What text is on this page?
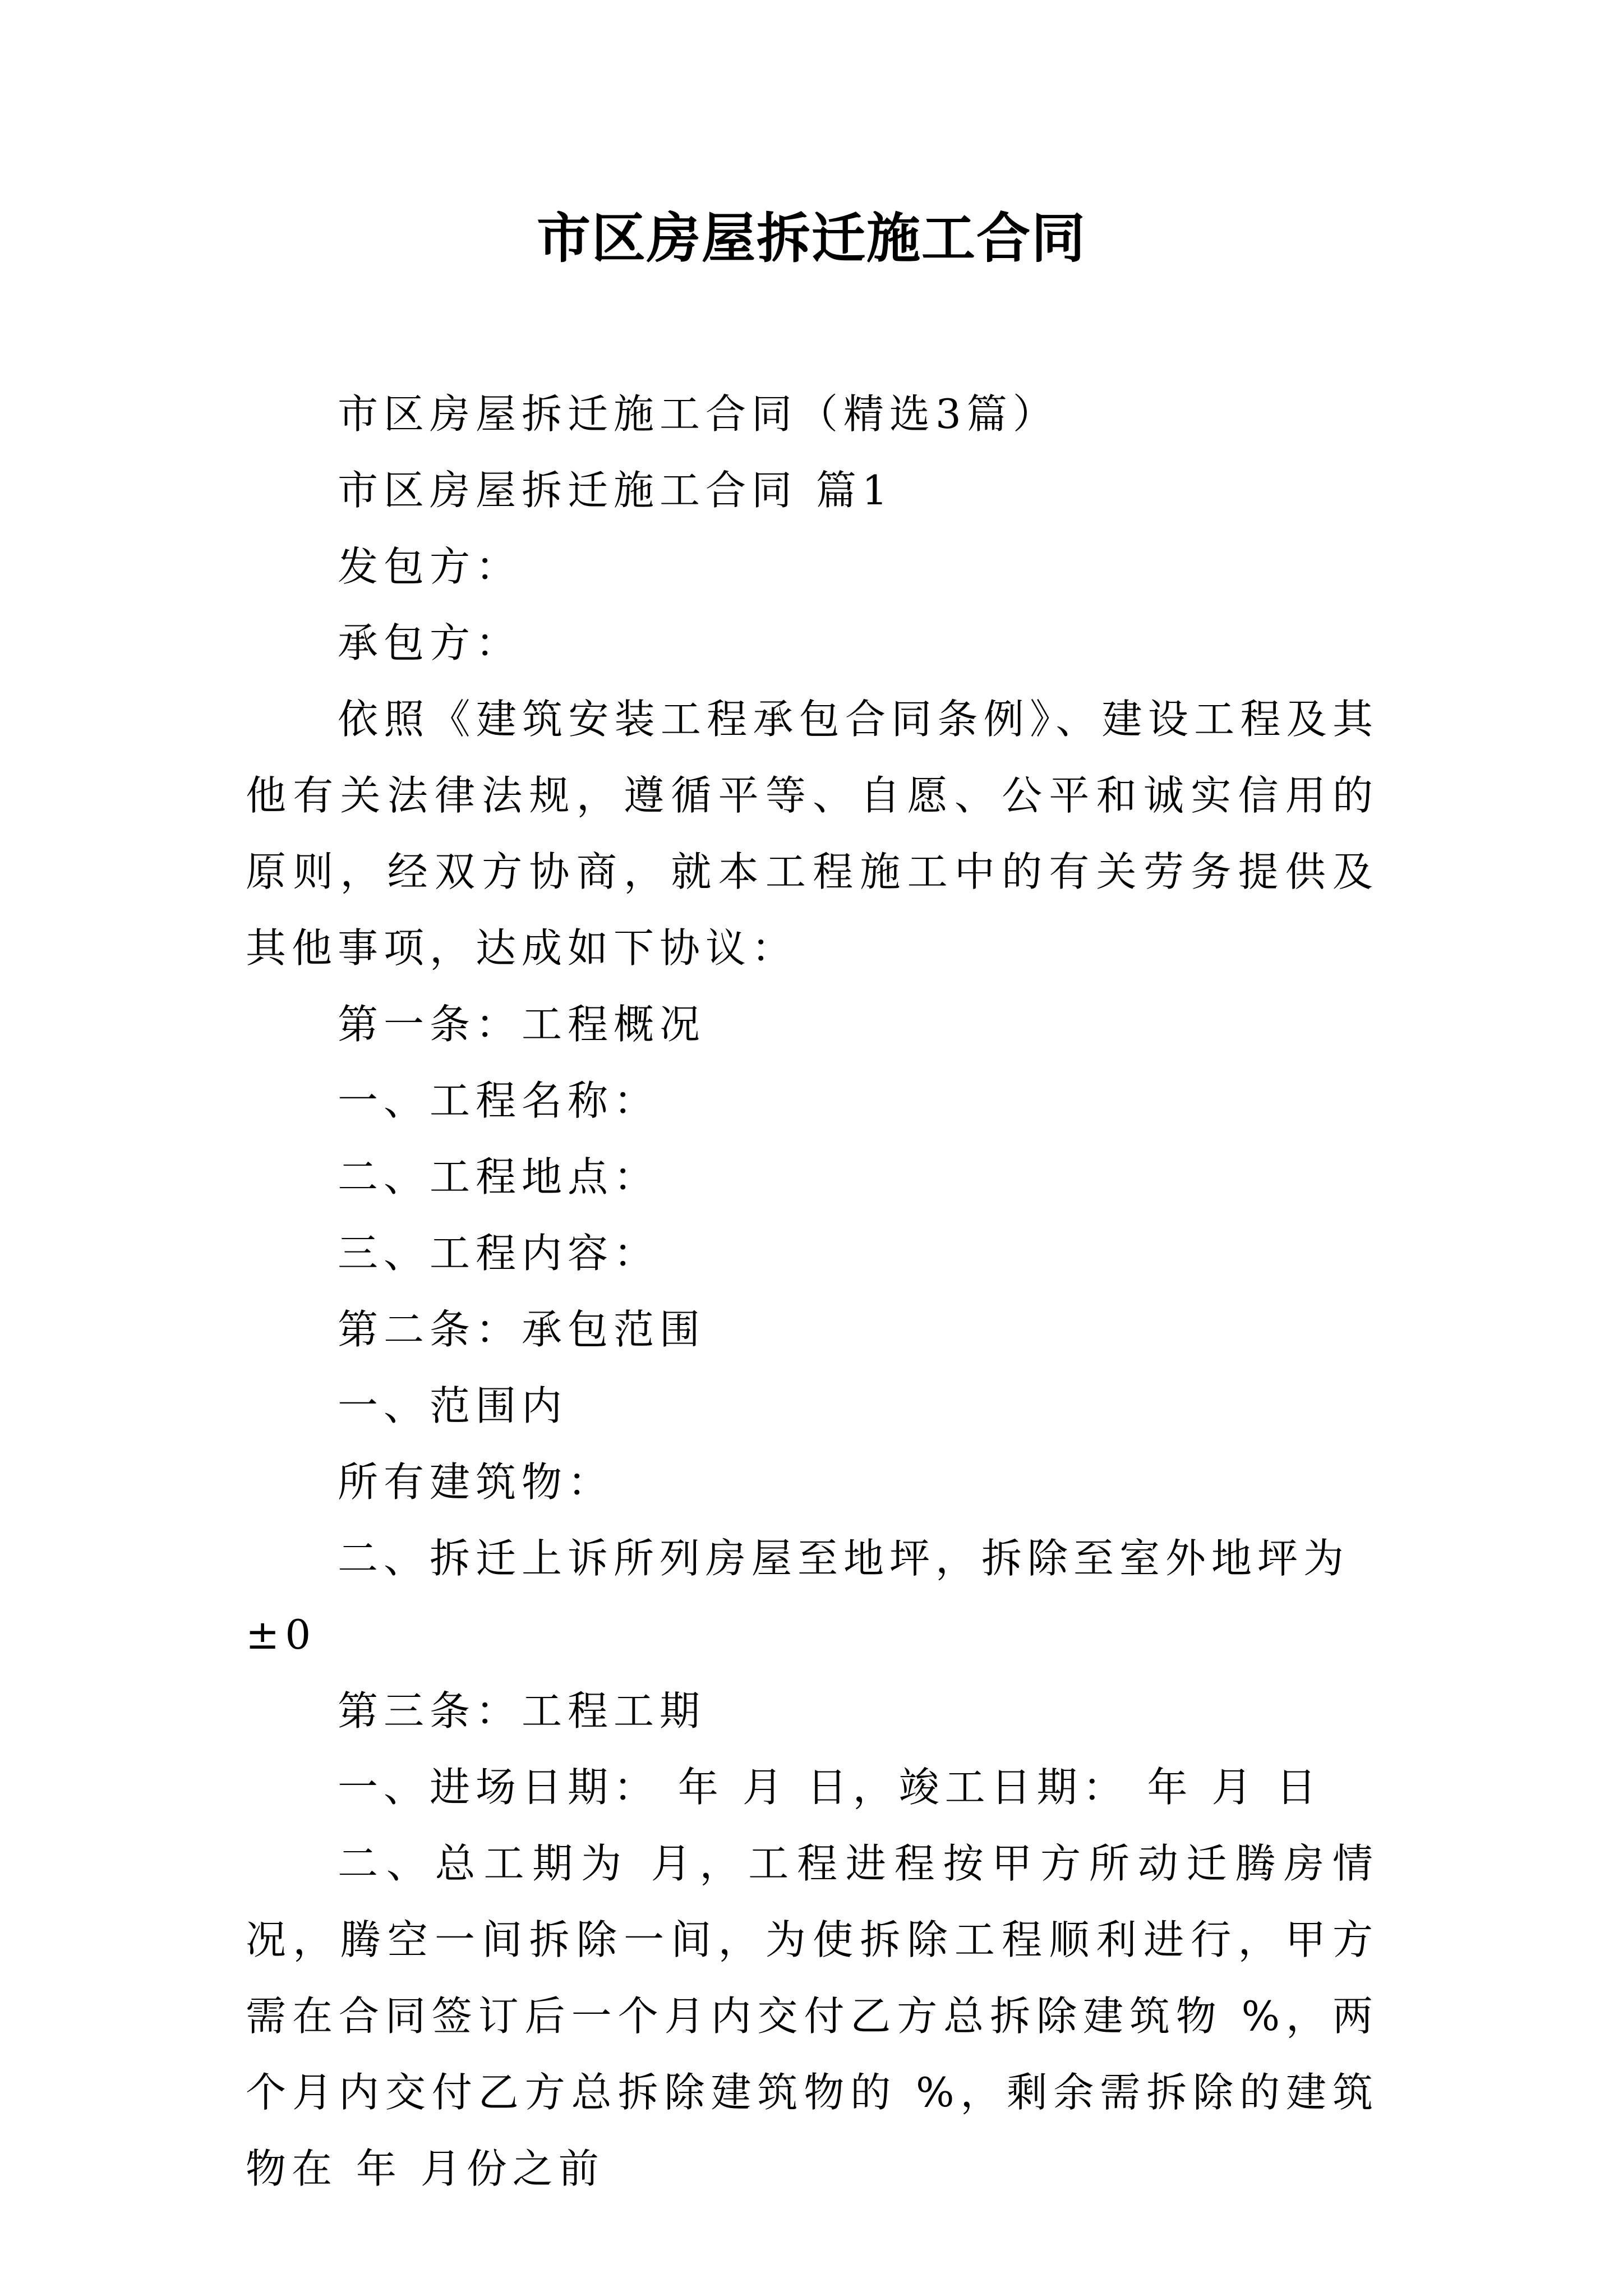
市区房屋拆迁施工合同

市区房屋拆迁施工合同（精选3篇）

市区房屋拆迁施工合同 篇1

发包方：

承包方：

依照《建筑安装工程承包合同条例》、建设工程及其他有关法律法规，遵循平等、自愿、公平和诚实信用的原则，经双方协商，就本工程施工中的有关劳务提供及其他事项，达成如下协议：

第一条：工程概况

一、工程名称：

二、工程地点：

三、工程内容：

第二条：承包范围

一、范围内

所有建筑物：

二、拆迁上诉所列房屋至地坪，拆除至室外地坪为±0

第三条：工程工期

一、进场日期： 年 月 日，竣工日期： 年 月 日

二、总工期为 月，工程进程按甲方所动迁腾房情况，腾空一间拆除一间，为使拆除工程顺利进行，甲方需在合同签订后一个月内交付乙方总拆除建筑物 %，两个月内交付乙方总拆除建筑物的 %，剩余需拆除的建筑物在 年 月份之前
